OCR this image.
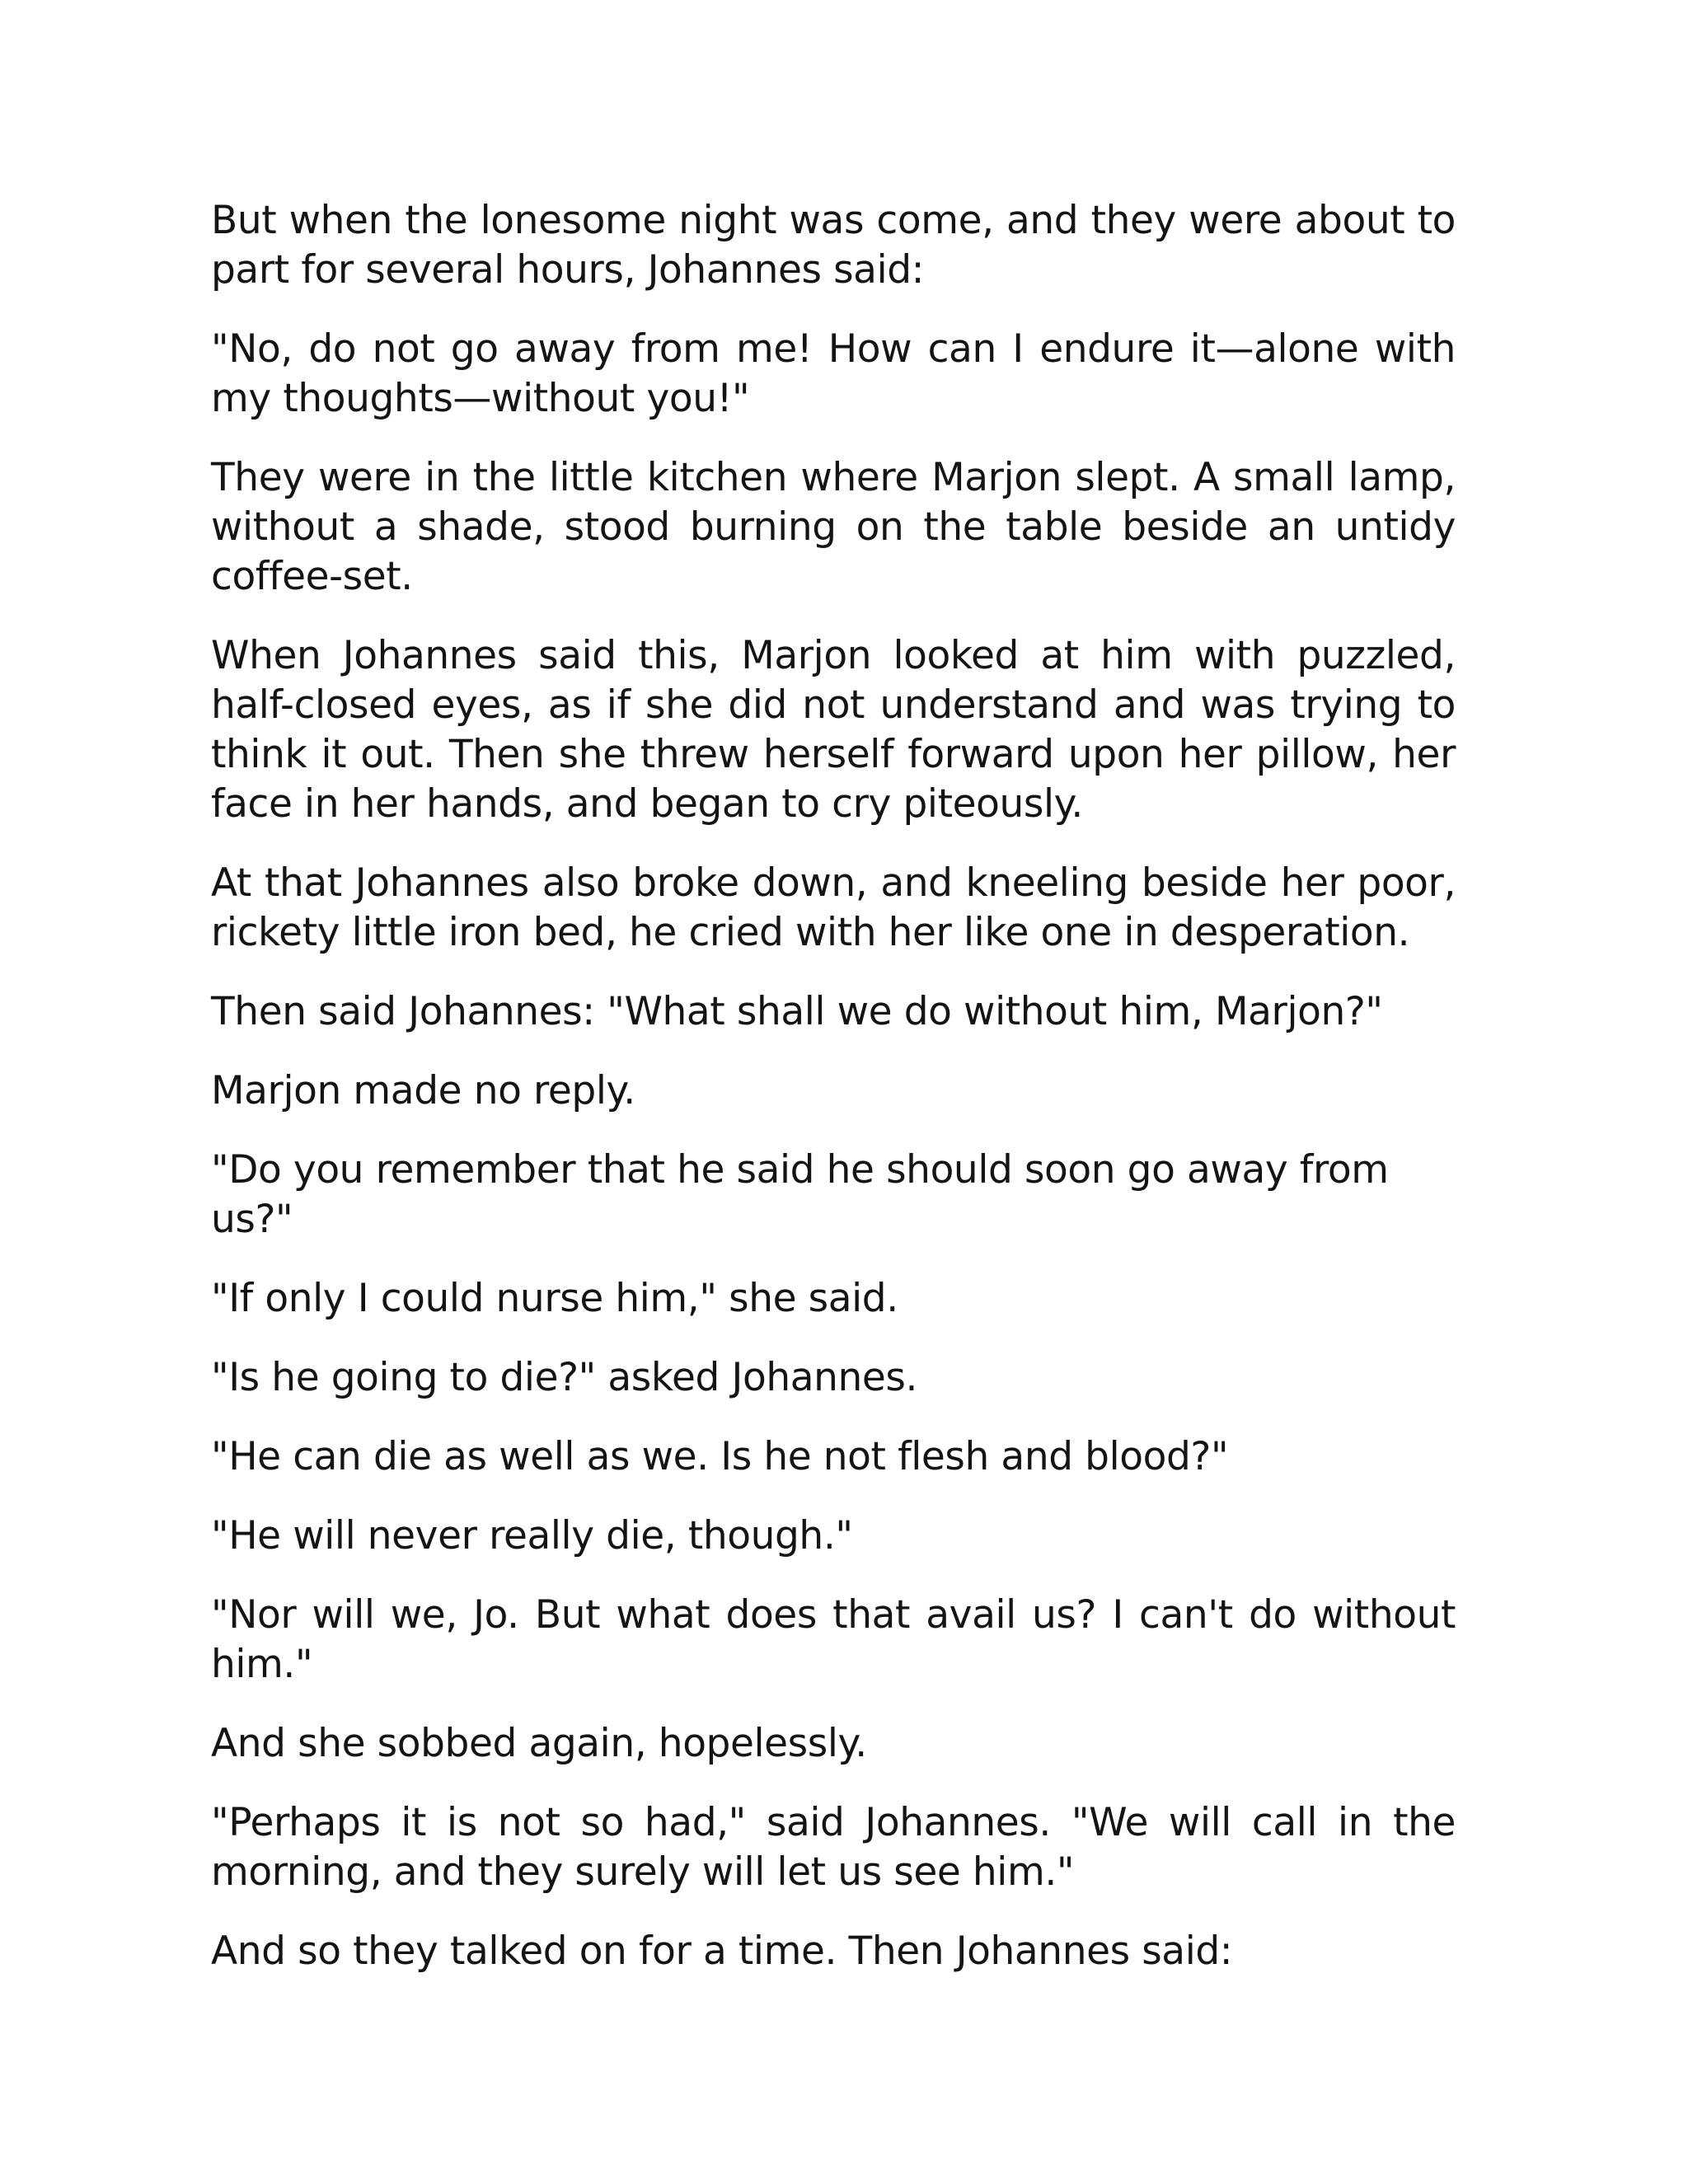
But when the lonesome night was come, and they were about to part for several hours, Johannes said:

"No, do not go away from me! How can I endure it—alone with my thoughts—without you!"

They were in the little kitchen where Marjon slept. A small lamp, without a shade, stood burning on the table beside an untidy coffee-set.

When Johannes said this, Marjon looked at him with puzzled, half-closed eyes, as if she did not understand and was trying to think it out. Then she threw herself forward upon her pillow, her face in her hands, and began to cry piteously.

At that Johannes also broke down, and kneeling beside her poor, rickety little iron bed, he cried with her like one in desperation.

Then said Johannes: "What shall we do without him, Marjon?"

Marjon made no reply.

"Do you remember that he said he should soon go away from us?"

"If only I could nurse him," she said.

"Is he going to die?" asked Johannes.

"He can die as well as we. Is he not flesh and blood?"

"He will never really die, though."

"Nor will we, Jo. But what does that avail us? I can't do without him."

And she sobbed again, hopelessly.

"Perhaps it is not so had," said Johannes. "We will call in the morning, and they surely will let us see him."

And so they talked on for a time. Then Johannes said:
